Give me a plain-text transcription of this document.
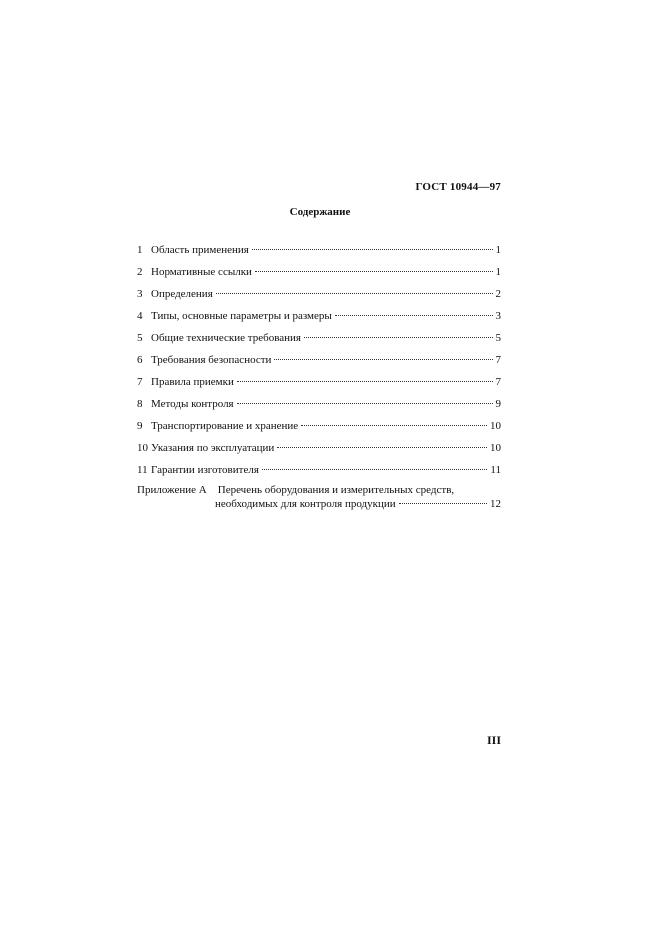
ГОСТ 10944—97
Содержание
1 Область применения	1
2 Нормативные ссылки	1
3 Определения	2
4 Типы, основные параметры и размеры	3
5 Общие технические требования	5
6 Требования безопасности	7
7 Правила приемки	7
8 Методы контроля	9
9 Транспортирование и хранение	10
10 Указания по эксплуатации	10
11 Гарантии изготовителя	11
Приложение А Перечень оборудования и измерительных средств,
необходимых для контроля продукции	12
III
